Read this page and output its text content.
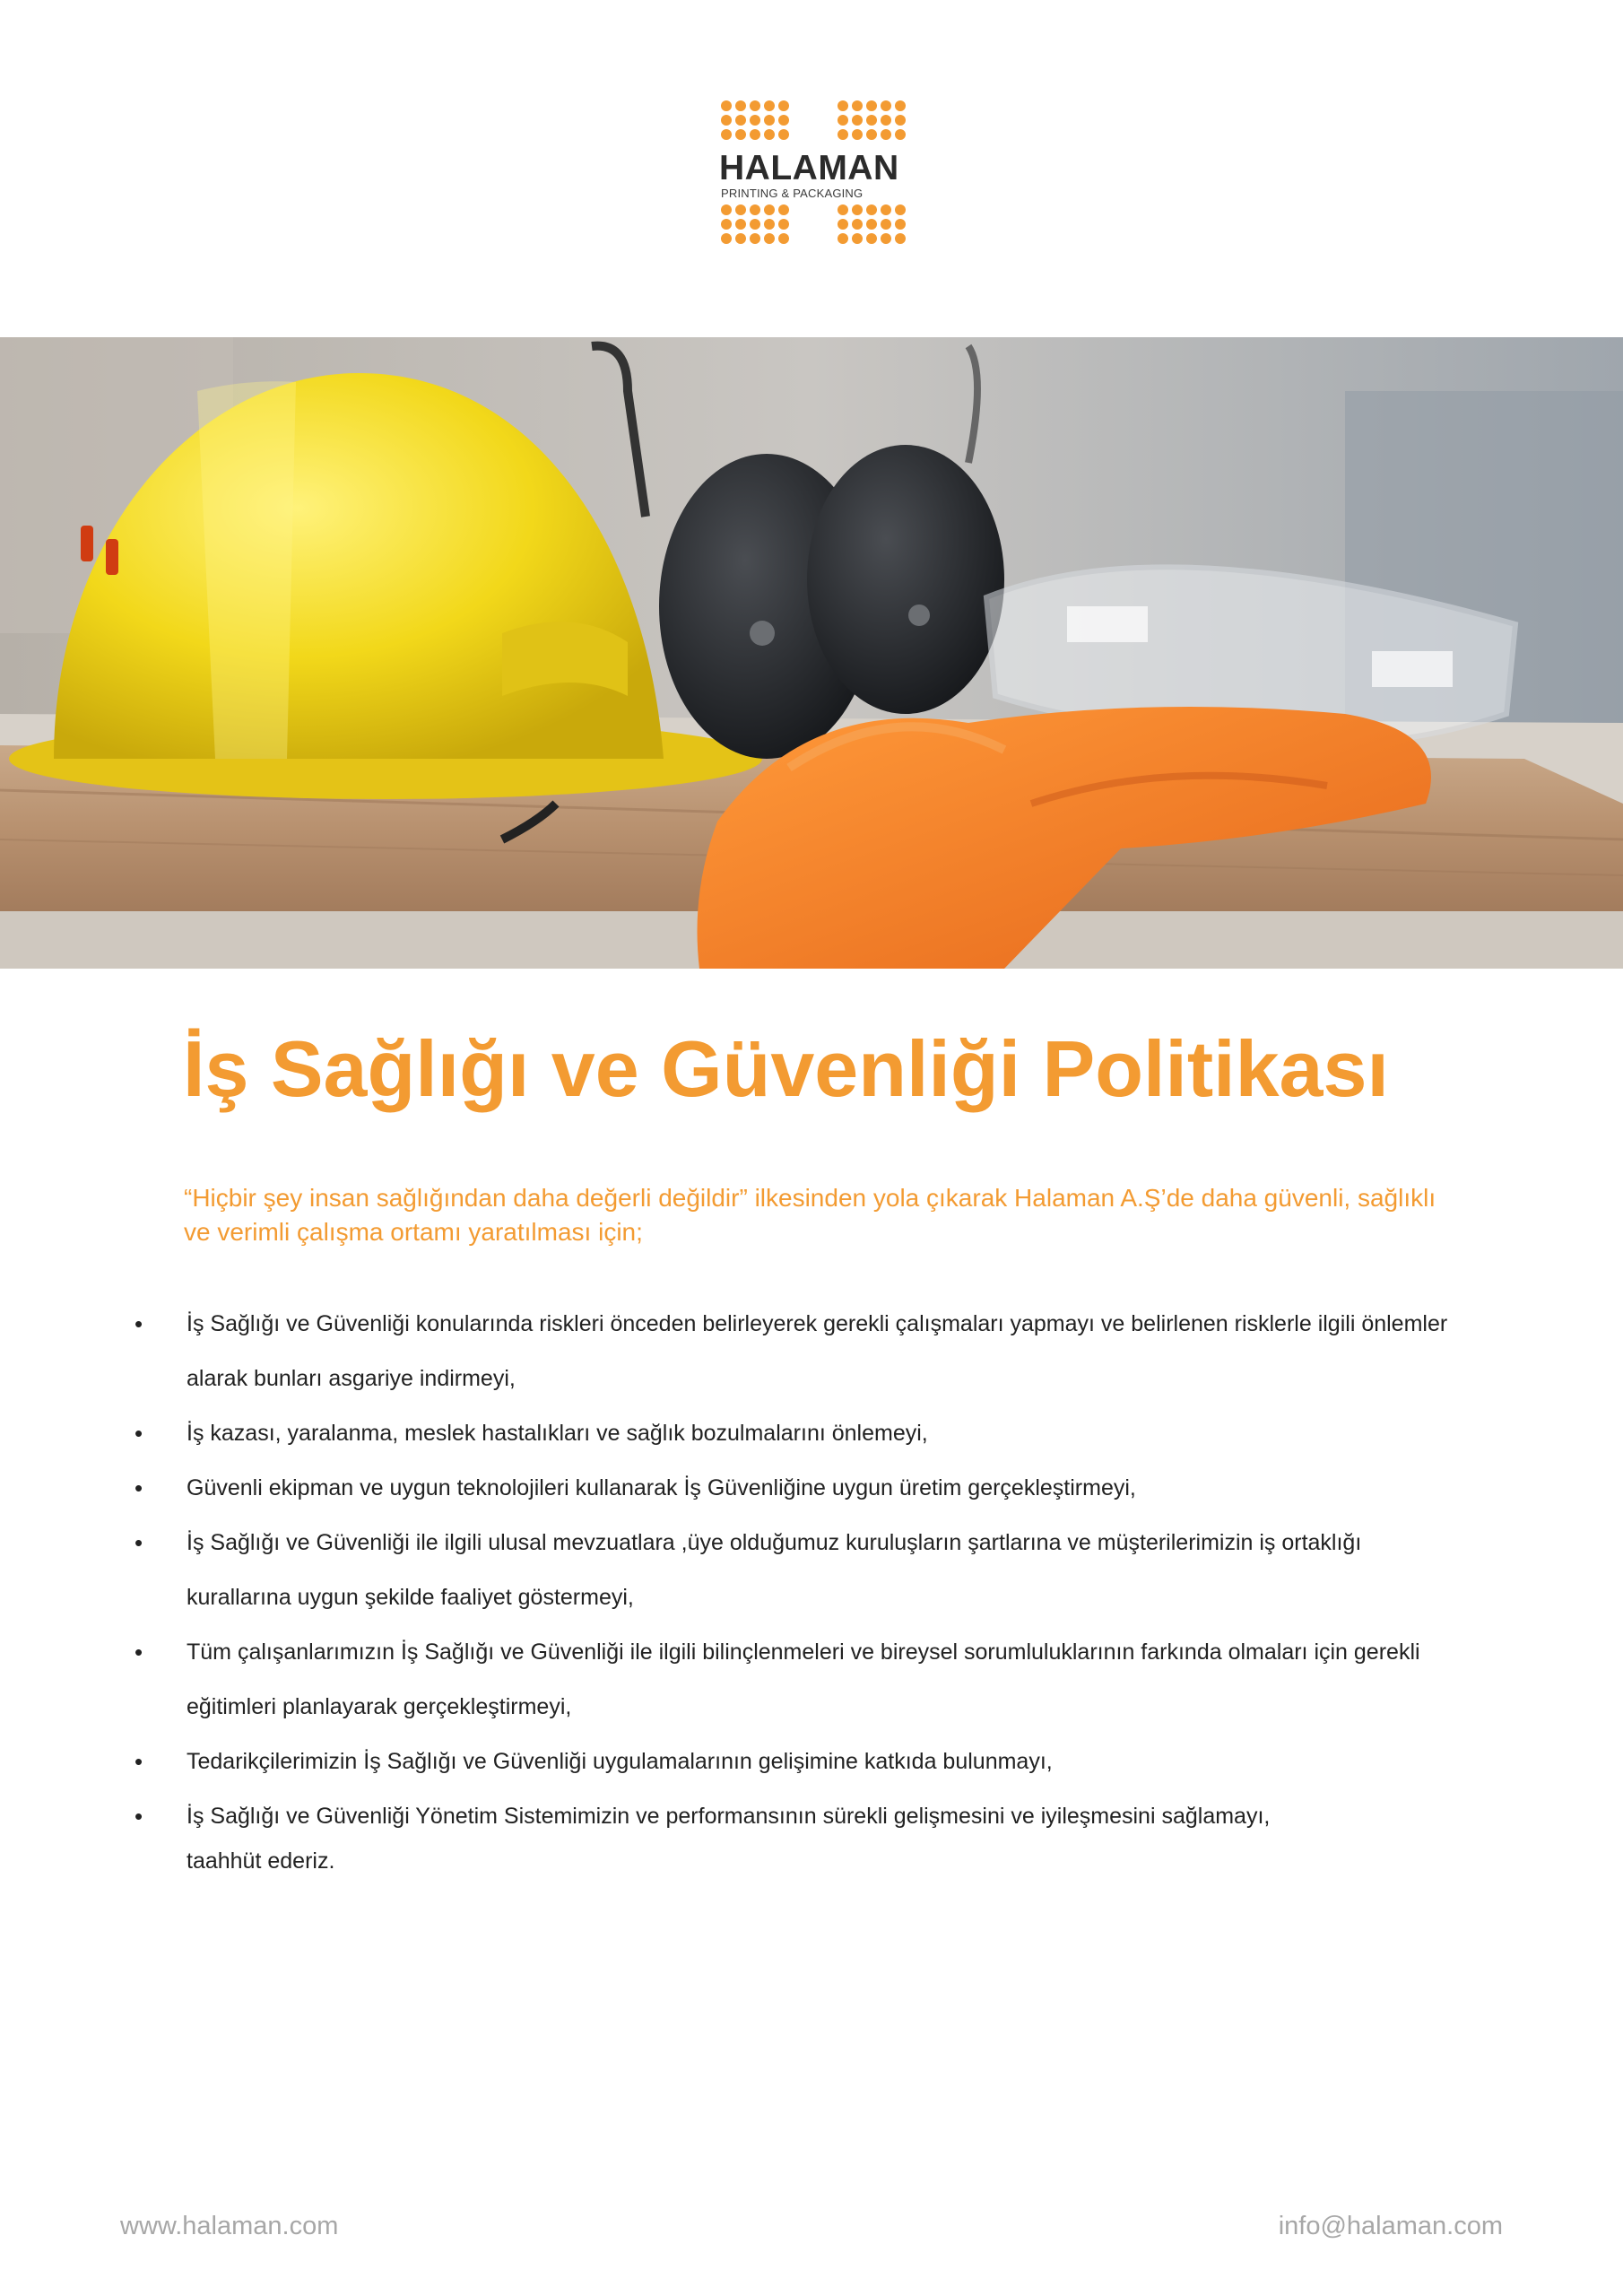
HALAMAN
PRINTING & PACKAGING
İş Sağlığı ve Güvenliği Politikası
“Hiçbir şey insan sağlığından daha değerli değildir” ilkesinden yola çıkarak Halaman A.Ş’de daha güvenli, sağlıklı ve verimli çalışma ortamı yaratılması için;
• İş Sağlığı ve Güvenliği konularında riskleri önceden belirleyerek gerekli çalışmaları yapmayı ve belirlenen risklerle ilgili önlemler alarak bunları asgariye indirmeyi,
• İş kazası, yaralanma, meslek hastalıkları ve sağlık bozulmalarını önlemeyi,
• Güvenli ekipman ve uygun teknolojileri kullanarak İş Güvenliğine uygun üretim gerçekleştirmeyi,
• İş Sağlığı ve Güvenliği ile ilgili ulusal mevzuatlara ,üye olduğumuz kuruluşların şartlarına ve müşterilerimizin iş ortaklığı kurallarına uygun şekilde faaliyet göstermeyi,
• Tüm çalışanlarımızın İş Sağlığı ve Güvenliği ile ilgili bilinçlenmeleri ve bireysel sorumluluklarının farkında olmaları için gerekli eğitimleri planlayarak gerçekleştirmeyi,
• Tedarikçilerimizin İş Sağlığı ve Güvenliği uygulamalarının gelişimine katkıda bulunmayı,
• İş Sağlığı ve Güvenliği Yönetim Sistemimizin ve performansının sürekli gelişmesini ve iyileşmesini sağlamayı,
taahhüt ederiz.
www.halaman.com	info@halaman.com
